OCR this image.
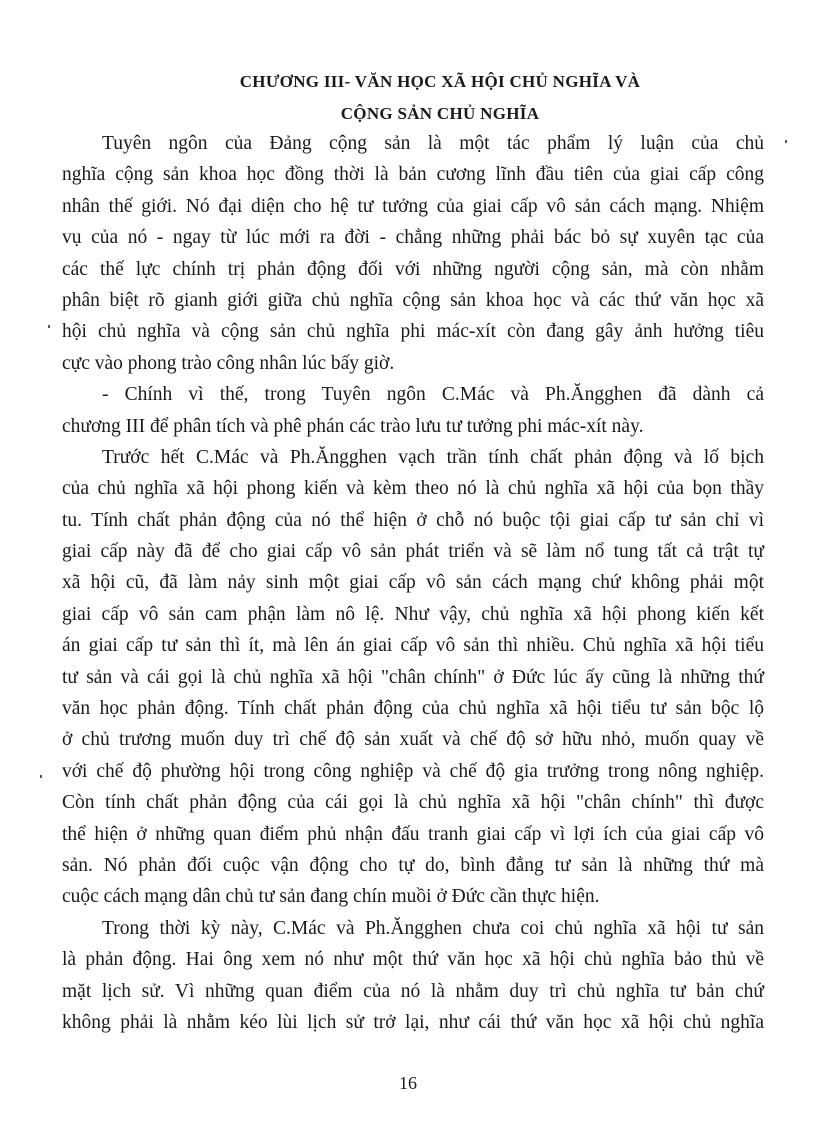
CHƯƠNG III- VĂN HỌC XÃ HỘI CHỦ NGHĨA VÀ
CỘNG SẢN CHỦ NGHĨA
Tuyên ngôn của Đảng cộng sản là một tác phẩm lý luận của chủ
nghĩa cộng sản khoa học đồng thời là bản cương lĩnh đầu tiên của giai cấp công
nhân thế giới. Nó đại diện cho hệ tư tưởng của giai cấp vô sản cách mạng. Nhiệm
vụ của nó - ngay từ lúc mới ra đời - chẳng những phải bác bỏ sự xuyên tạc của
các thế lực chính trị phản động đối với những người cộng sản, mà còn nhằm
phân biệt rõ gianh giới giữa chủ nghĩa cộng sản khoa học và các thứ văn học xã
hội chủ nghĩa và cộng sản chủ nghĩa phi mác-xít còn đang gây ảnh hưởng tiêu
cực vào phong trào công nhân lúc bấy giờ.
- Chính vì thế, trong Tuyên ngôn C.Mác và Ph.Ăngghen đã dành cả
chương III để phân tích và phê phán các trào lưu tư tưởng phi mác-xít này.
Trước hết C.Mác và Ph.Ăngghen vạch trần tính chất phản động và lố bịch
của chủ nghĩa xã hội phong kiến và kèm theo nó là chủ nghĩa xã hội của bọn thầy
tu. Tính chất phản động của nó thể hiện ở chỗ nó buộc tội giai cấp tư sản chỉ vì
giai cấp này đã để cho giai cấp vô sản phát triển và sẽ làm nổ tung tất cả trật tự
xã hội cũ, đã làm nảy sinh một giai cấp vô sản cách mạng chứ không phải một
giai cấp vô sản cam phận làm nô lệ. Như vậy, chủ nghĩa xã hội phong kiến kết
án giai cấp tư sản thì ít, mà lên án giai cấp vô sản thì nhiều. Chủ nghĩa xã hội tiểu
tư sản và cái gọi là chủ nghĩa xã hội "chân chính" ở Đức lúc ấy cũng là những thứ
văn học phản động. Tính chất phản động của chủ nghĩa xã hội tiểu tư sản bộc lộ
ở chủ trương muốn duy trì chế độ sản xuất và chế độ sở hữu nhỏ, muốn quay về
với chế độ phường hội trong công nghiệp và chế độ gia trưởng trong nông nghiệp.
Còn tính chất phản động của cái gọi là chủ nghĩa xã hội "chân chính" thì được
thể hiện ở những quan điểm phủ nhận đấu tranh giai cấp vì lợi ích của giai cấp vô
sản. Nó phản đối cuộc vận động cho tự do, bình đẳng tư sản là những thứ mà
cuộc cách mạng dân chủ tư sản đang chín muồi ở Đức cần thực hiện.
Trong thời kỳ này, C.Mác và Ph.Ăngghen chưa coi chủ nghĩa xã hội tư sản
là phản động. Hai ông xem nó như một thứ văn học xã hội chủ nghĩa bảo thủ về
mặt lịch sử. Vì những quan điểm của nó là nhằm duy trì chủ nghĩa tư bản chứ
không phải là nhằm kéo lùi lịch sử trở lại, như cái thứ văn học xã hội chủ nghĩa
16
